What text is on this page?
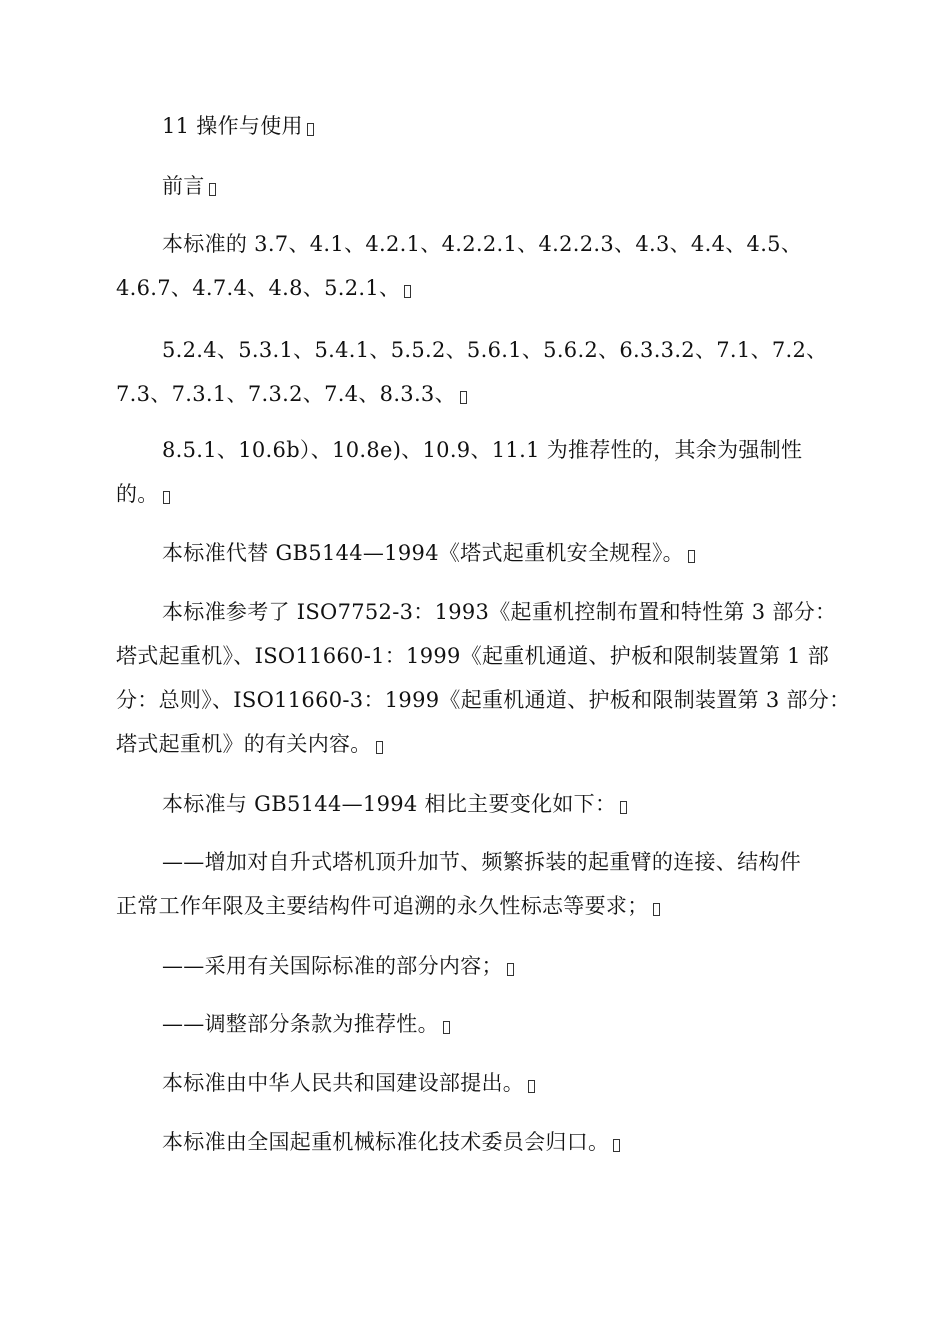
11 操作与使用

前言

本标准的 3.7、4.1、4.2.1、4.2.2.1、4.2.2.3、4.3、4.4、4.5、
4.6.7、4.7.4、4.8、5.2.1、

5.2.4、5.3.1、5.4.1、5.5.2、5.6.1、5.6.2、6.3.3.2、7.1、7.2、
7.3、7.3.1、7.3.2、7.4、8.3.3、

8.5.1、10.6b）、10.8e)、10.9、11.1 为推荐性的，其余为强制性
的。

本标准代替 GB5144—1994《塔式起重机安全规程》。

本标准参考了 ISO7752-3：1993《起重机控制布置和特性第 3 部分：
塔式起重机》、ISO11660-1：1999《起重机通道、护板和限制装置第 1 部
分：总则》、ISO11660-3：1999《起重机通道、护板和限制装置第 3 部分：
塔式起重机》的有关内容。

本标准与 GB5144—1994 相比主要变化如下：

——增加对自升式塔机顶升加节、频繁拆装的起重臂的连接、结构件
正常工作年限及主要结构件可追溯的永久性标志等要求；

——采用有关国际标准的部分内容；

——调整部分条款为推荐性。

本标准由中华人民共和国建设部提出。

本标准由全国起重机械标准化技术委员会归口。
